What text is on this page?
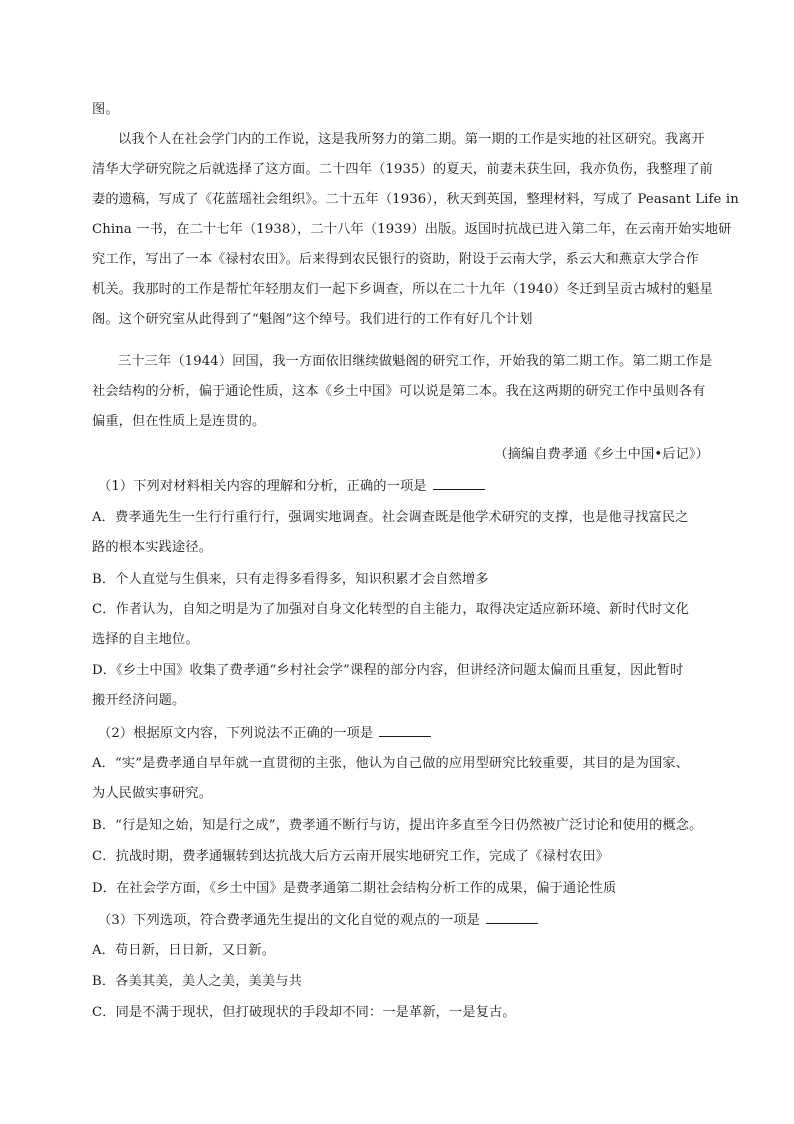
图。
以我个人在社会学门内的工作说，这是我所努力的第二期。第一期的工作是实地的社区研究。我离开
清华大学研究院之后就选择了这方面。二十四年（1935）的夏天，前妻未获生回，我亦负伤，我整理了前
妻的遗稿，写成了《花蓝瑶社会组织》。二十五年（1936），秋天到英国，整理材料，写成了 Peasant Life in
China 一书，在二十七年（1938），二十八年（1939）出版。返国时抗战已进入第二年，在云南开始实地研
究工作，写出了一本《禄村农田》。后来得到农民银行的资助，附设于云南大学，系云大和燕京大学合作
机关。我那时的工作是帮忙年轻朋友们一起下乡调查，所以在二十九年（1940）冬迁到呈贡古城村的魁星
阁。这个研究室从此得到了“魁阁”这个绰号。我们进行的工作有好几个计划
三十三年（1944）回国，我一方面依旧继续做魁阁的研究工作，开始我的第二期工作。第二期工作是
社会结构的分析，偏于通论性质，这本《乡土中国》可以说是第二本。我在这两期的研究工作中虽则各有
偏重，但在性质上是连贯的。
（摘编自费孝通《乡土中国•后记》）
（1）下列对材料相关内容的理解和分析，正确的一项是
A．费孝通先生一生行行重行行，强调实地调查。社会调查既是他学术研究的支撑，也是他寻找富民之
路的根本实践途径。
B．个人直觉与生俱来，只有走得多看得多，知识积累才会自然增多
C．作者认为，自知之明是为了加强对自身文化转型的自主能力，取得决定适应新环境、新时代时文化
选择的自主地位。
D．《乡土中国》收集了费孝通“乡村社会学”课程的部分内容，但讲经济问题太偏而且重复，因此暂时
搬开经济问题。
（2）根据原文内容，下列说法不正确的一项是
A．“实”是费孝通自早年就一直贯彻的主张，他认为自己做的应用型研究比较重要，其目的是为国家、
为人民做实事研究。
B．“行是知之始，知是行之成”，费孝通不断行与访，提出许多直至今日仍然被广泛讨论和使用的概念。
C．抗战时期，费孝通辗转到达抗战大后方云南开展实地研究工作，完成了《禄村农田》
D．在社会学方面，《乡土中国》是费孝通第二期社会结构分析工作的成果，偏于通论性质
（3）下列选项，符合费孝通先生提出的文化自觉的观点的一项是
A．苟日新，日日新，又日新。
B．各美其美，美人之美，美美与共
C．同是不满于现状，但打破现状的手段却不同：一是革新，一是复古。
